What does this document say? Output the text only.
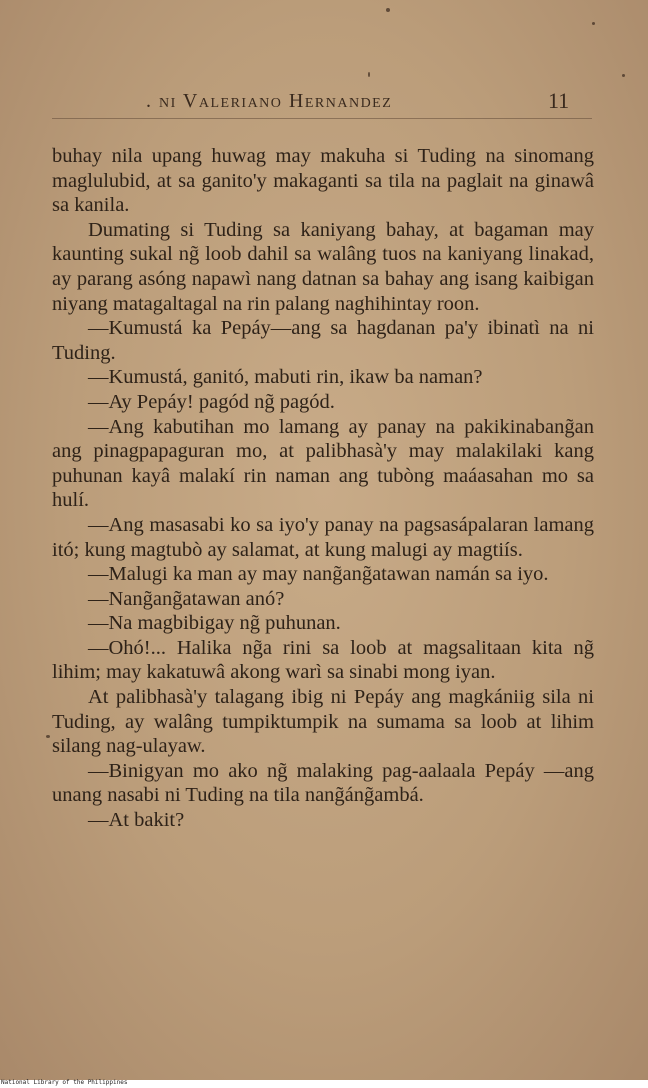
. ni Valeriano Hernandez	11

buhay nila upang huwag may makuha si Tuding na sinomang maglulubid, at sa ganito'y makaganti sa tila na paglait na ginawâ sa kanila.

Dumating si Tuding sa kaniyang bahay, at bagaman may kaunting sukal ng̃ loob dahil sa walâng tuos na kaniyang linakad, ay parang asóng napawì nang datnan sa bahay ang isang kaibigan niyang matagaltagal na rin palang naghihintay roon.

—Kumustá ka Pepáy—ang sa hagdanan pa'y ibinatì na ni Tuding.

—Kumustá, ganitó, mabuti rin, ikaw ba naman?

—Ay Pepáy! pagód ng̃ pagód.

—Ang kabutihan mo lamang ay panay na pakikinabang̃an ang pinagpapaguran mo, at palibhasà'y may malakilaki kang puhunan kayâ malakí rin naman ang tubòng maáasahan mo sa hulí.

—Ang masasabi ko sa iyo'y panay na pagsasápalaran lamang itó; kung magtubò ay salamat, at kung malugi ay magtiís.

—Malugi ka man ay may nang̃ang̃atawan namán sa iyo.

—Nang̃ang̃atawan anó?

—Na magbibigay ng̃ puhunan.

—Ohó!... Halika ng̃a rini sa loob at magsalitaan kita ng̃ lihim; may kakatuwâ akong warì sa sinabi mong iyan.

At palibhasà'y talagang ibig ni Pepáy ang magkániig sila ni Tuding, ay walâng tumpiktumpik na sumama sa loob at lihim silang nag-ulayaw.

—Binigyan mo ako ng̃ malaking pag-aalaala Pepáy —ang unang nasabi ni Tuding na tila nang̃áng̃ambá.

—At bakit?

National Library of the Philippines
